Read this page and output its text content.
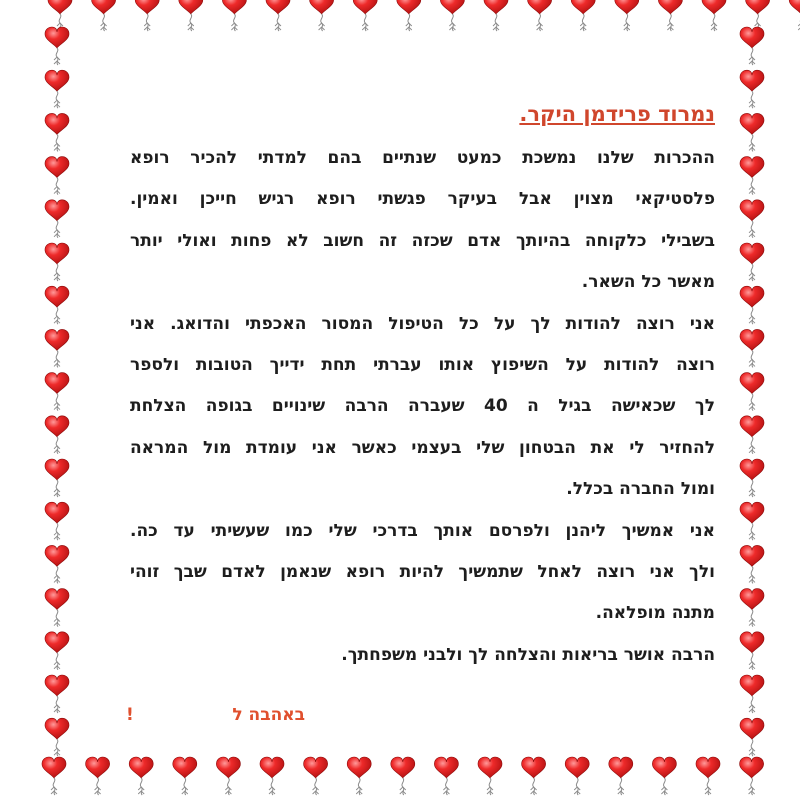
נמרוד פרידמן היקר.
ההכרות שלנו נמשכת כמעט שנתיים בהם למדתי להכיר רופא
פלסטיקאי מצוין אבל בעיקר פגשתי רופא רגיש חייכן ואמין.
בשבילי כלקוחה בהיותך אדם שכזה זה חשוב לא פחות ואולי יותר
מאשר כל השאר.
אני רוצה להודות לך על כל הטיפול המסור האכפתי והדואג. אני
רוצה להודות על השיפוץ אותו עברתי תחת ידייך הטובות ולספר
לך שכאישה בגיל ה 40 שעברה הרבה שינויים בגופה הצלחת
להחזיר לי את הבטחון שלי בעצמי כאשר אני עומדת מול המראה
ומול החברה בכלל.
אני אמשיך ליהנן ולפרסם אותך בדרכי שלי כמו שעשיתי עד כה.
ולך אני רוצה לאחל שתמשיך להיות רופא שנאמן לאדם שבך זוהי
מתנה מופלאה.
הרבה אושר בריאות והצלחה לך ולבני משפחתך.
באהבה ל
!
